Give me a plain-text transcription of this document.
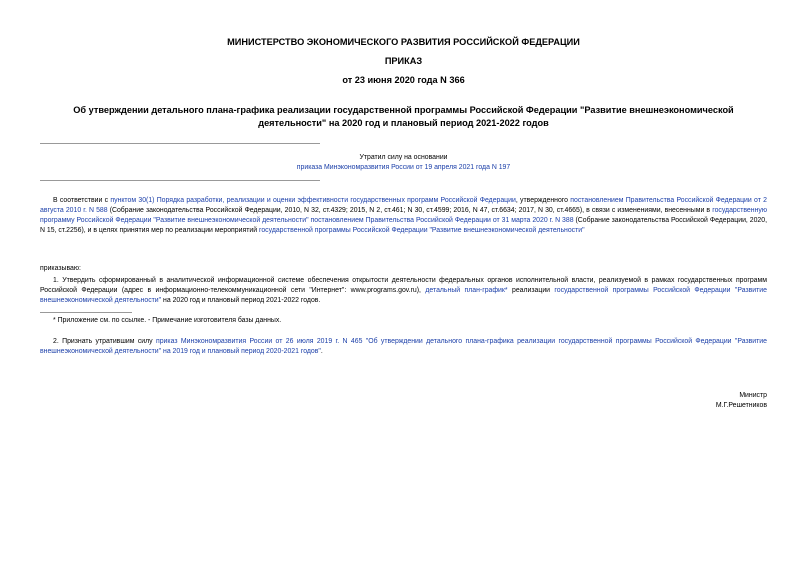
МИНИСТЕРСТВО ЭКОНОМИЧЕСКОГО РАЗВИТИЯ РОССИЙСКОЙ ФЕДЕРАЦИИ
ПРИКАЗ
от 23 июня 2020 года N 366
Об утверждении детального плана-графика реализации государственной программы Российской Федерации "Развитие внешнеэкономической деятельности" на 2020 год и плановый период 2021-2022 годов
Утратил силу на основании
приказа Минэкономразвития России от 19 апреля 2021 года N 197
В соответствии с пунктом 30(1) Порядка разработки, реализации и оценки эффективности государственных программ Российской Федерации, утвержденного постановлением Правительства Российской Федерации от 2 августа 2010 г. N 588 (Собрание законодательства Российской Федерации, 2010, N 32, ст.4329; 2015, N 2, ст.461; N 30, ст.4599; 2016, N 47, ст.6634; 2017, N 30, ст.4665), в связи с изменениями, внесенными в государственную программу Российской Федерации "Развитие внешнеэкономической деятельности" постановлением Правительства Российской Федерации от 31 марта 2020 г. N 388 (Собрание законодательства Российской Федерации, 2020, N 15, ст.2256), и в целях принятия мер по реализации мероприятий государственной программы Российской Федерации "Развитие внешнеэкономической деятельности"
приказываю:
1. Утвердить сформированный в аналитической информационной системе обеспечения открытости деятельности федеральных органов исполнительной власти, реализуемой в рамках государственных программ Российской Федерации (адрес в информационно-телекоммуникационной сети "Интернет": www.programs.gov.ru), детальный план-график* реализации государственной программы Российской Федерации "Развитие внешнеэкономической деятельности" на 2020 год и плановый период 2021-2022 годов.
* Приложение см. по ссылке. - Примечание изготовителя базы данных.
2. Признать утратившим силу приказ Минэкономразвития России от 26 июля 2019 г. N 465 "Об утверждении детального плана-графика реализации государственной программы Российской Федерации "Развитие внешнеэкономической деятельности" на 2019 год и плановый период 2020-2021 годов".
Министр
М.Г.Решетников
